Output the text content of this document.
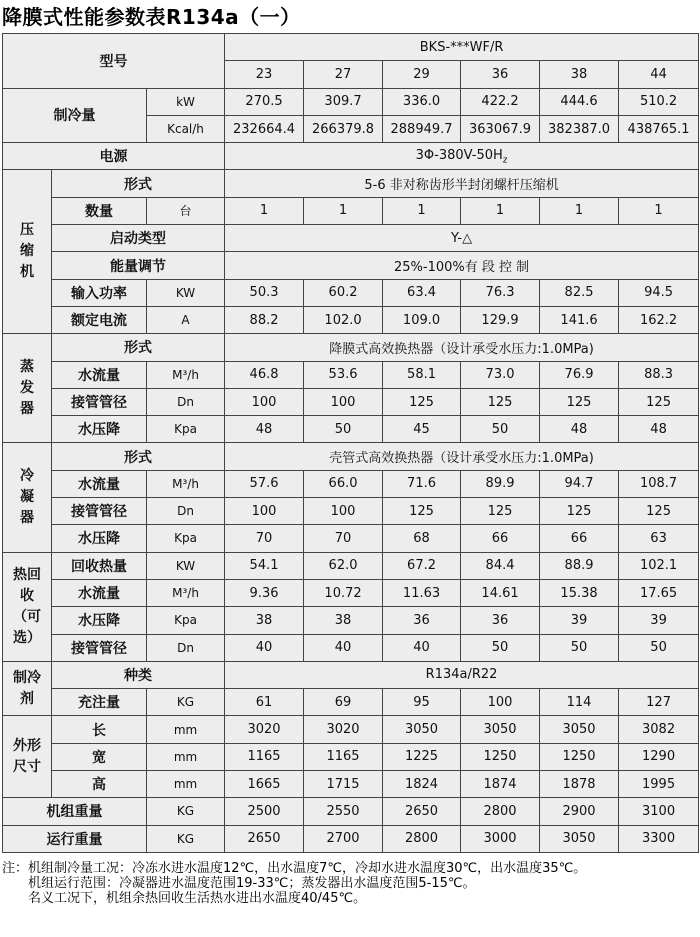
降膜式性能参数表R134a（一）
型号			BKS-***WF/R					
			23	27	29	36	38	44
制冷量		kW	270.5	309.7	336.0	422.2	444.6	510.2
		Kcal/h	232664.4	266379.8	288949.7	363067.9	382387.0	438765.1
电源			$3\Phi-380V-50H_z$
压缩机	形式		5-6 非对称齿形半封闭螺杆压缩机					
	数量	台	1	1	1	1	1	1
	启动类型		Y-△					
	能量调节		25%-100%有 段 控 制					
	输入功率	KW	50.3	60.2	63.4	76.3	82.5	94.5
	额定电流	A	88.2	102.0	109.0	129.9	141.6	162.2
蒸发器	形式		降膜式高效换热器（设计承受水压力:1.0MPa)					
	水流量	M³/h	46.8	53.6	58.1	73.0	76.9	88.3
	接管管径	Dn	100	100	125	125	125	125
	水压降	Kpa	48	50	45	50	48	48
冷凝器	形式		壳管式高效换热器（设计承受水压力:1.0MPa)					
	水流量	M³/h	57.6	66.0	71.6	89.9	94.7	108.7
	接管管径	Dn	100	100	125	125	125	125
	水压降	Kpa	70	70	68	66	66	63
热回收（可选）	回收热量	KW	54.1	62.0	67.2	84.4	88.9	102.1
	水流量	M³/h	9.36	10.72	11.63	14.61	15.38	17.65
	水压降	Kpa	38	38	36	36	39	39
	接管管径	Dn	40	40	40	50	50	50
制冷剂	种类		R134a/R22					
	充注量	KG	61	69	95	100	114	127
外形尺寸	长	mm	3020	3020	3050	3050	3050	3082
	宽	mm	1165	1165	1225	1250	1250	1290
	高	mm	1665	1715	1824	1874	1878	1995
机组重量		KG	2500	2550	2650	2800	2900	3100
运行重量		KG	2650	2700	2800	3000	3050	3300
注：机组制冷量工况：冷冻水进水温度12℃，出水温度7℃，冷却水进水温度30℃，出水温度35℃。
机组运行范围：冷凝器进水温度范围19-33℃；蒸发器出水温度范围5-15℃。
名义工况下，机组余热回收生活热水进出水温度40/45℃。
